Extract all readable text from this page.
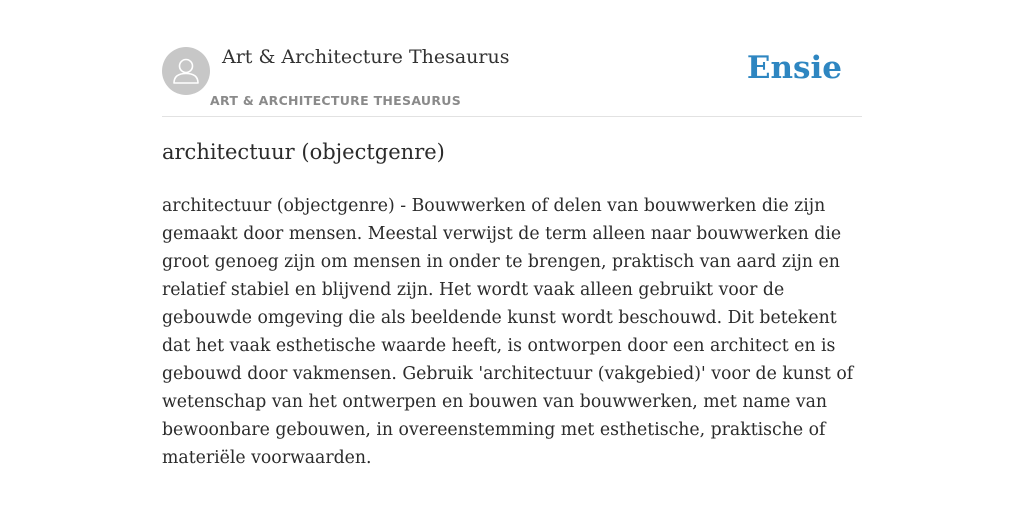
Art & Architecture Thesaurus
ART & ARCHITECTURE THESAURUS
Ensie
architectuur (objectgenre)

architectuur (objectgenre) - Bouwwerken of delen van bouwwerken die zijn gemaakt door mensen. Meestal verwijst de term alleen naar bouwwerken die groot genoeg zijn om mensen in onder te brengen, praktisch van aard zijn en relatief stabiel en blijvend zijn. Het wordt vaak alleen gebruikt voor de gebouwde omgeving die als beeldende kunst wordt beschouwd. Dit betekent dat het vaak esthetische waarde heeft, is ontworpen door een architect en is gebouwd door vakmensen. Gebruik 'architectuur (vakgebied)' voor de kunst of wetenschap van het ontwerpen en bouwen van bouwwerken, met name van bewoonbare gebouwen, in overeenstemming met esthetische, praktische of materiële voorwaarden.
